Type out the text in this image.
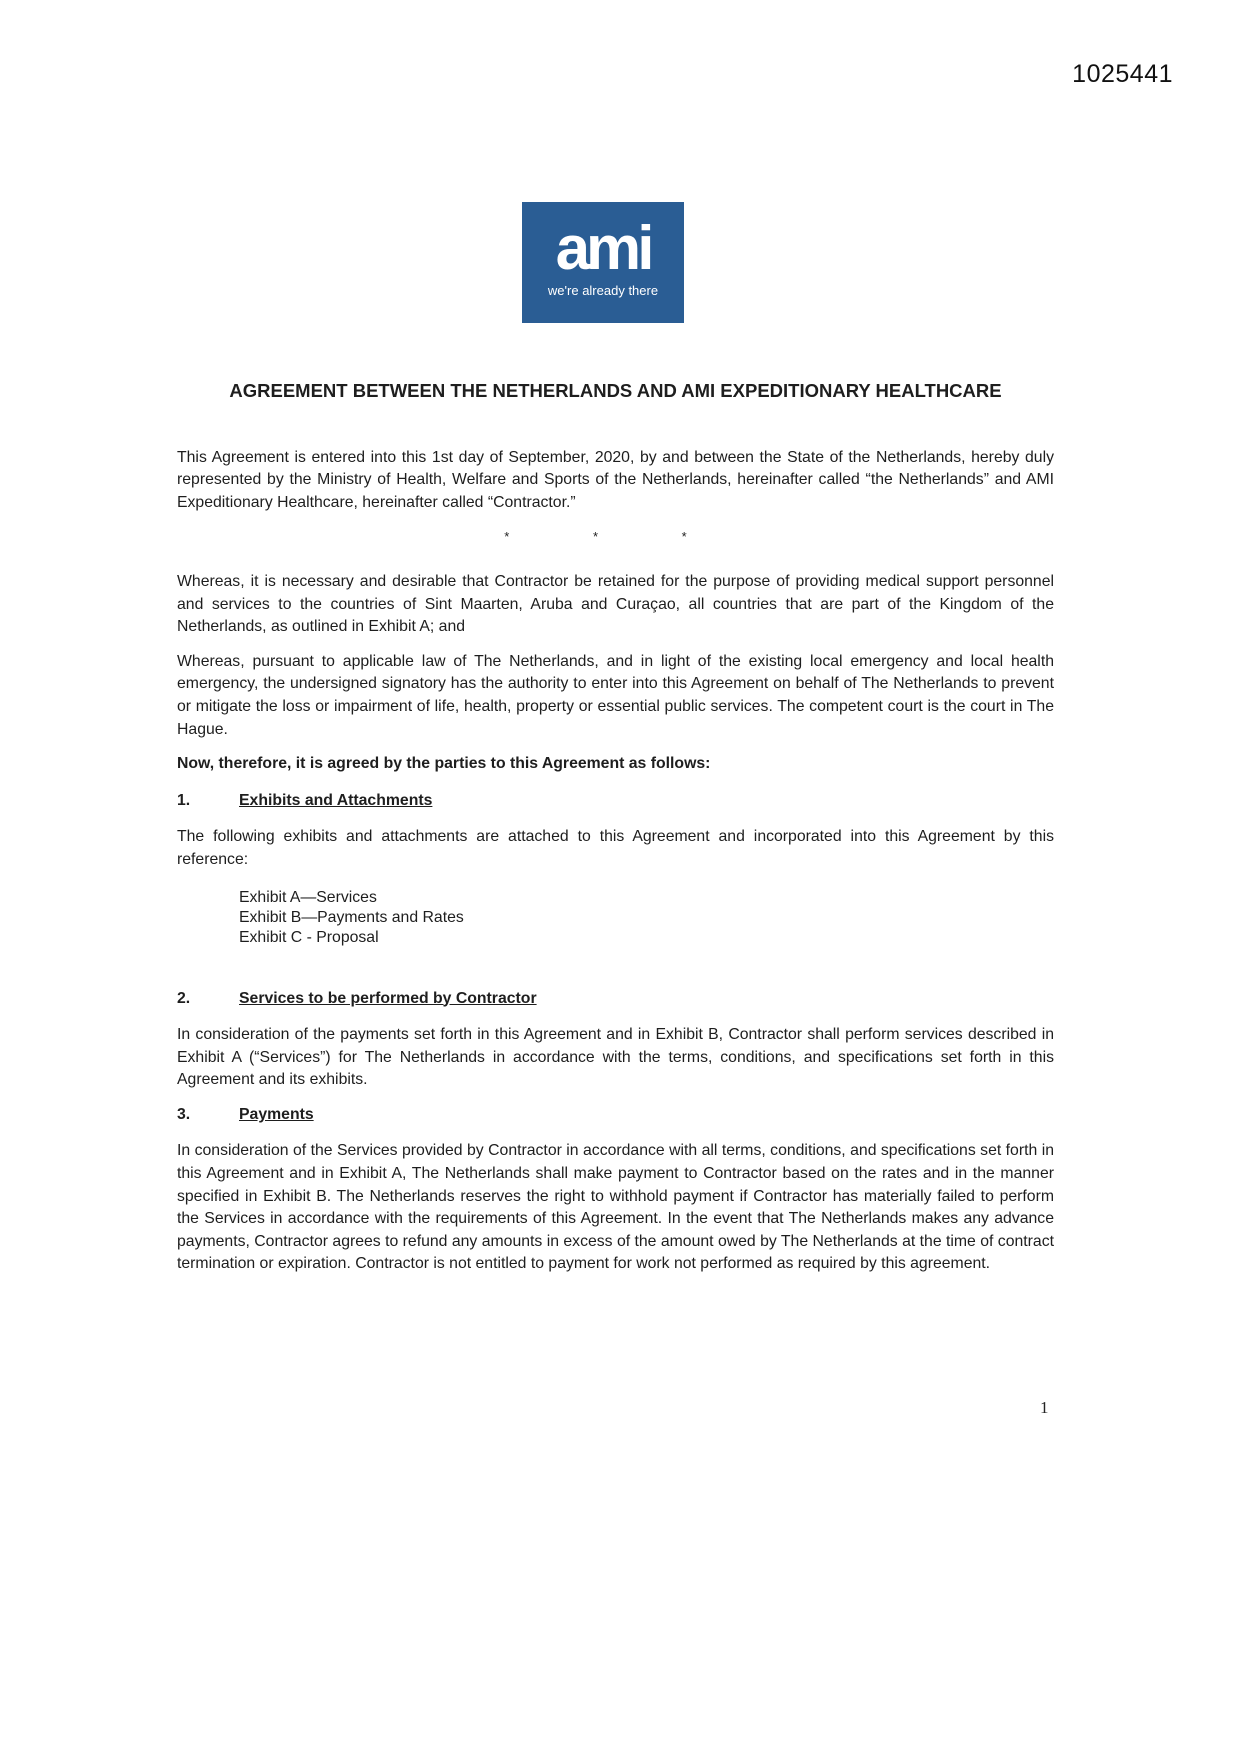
1025441
ami
we're already there
AGREEMENT BETWEEN THE NETHERLANDS AND AMI EXPEDITIONARY HEALTHCARE

This Agreement is entered into this 1st day of September, 2020, by and between the State of the Netherlands, hereby duly represented by the Ministry of Health, Welfare and Sports of the Netherlands, hereinafter called “the Netherlands” and AMI Expeditionary Healthcare, hereinafter called “Contractor.”

* * *

Whereas, it is necessary and desirable that Contractor be retained for the purpose of providing medical support personnel and services to the countries of Sint Maarten, Aruba and Curaçao, all countries that are part of the Kingdom of the Netherlands, as outlined in Exhibit A; and

Whereas, pursuant to applicable law of The Netherlands, and in light of the existing local emergency and local health emergency, the undersigned signatory has the authority to enter into this Agreement on behalf of The Netherlands to prevent or mitigate the loss or impairment of life, health, property or essential public services. The competent court is the court in The Hague.

Now, therefore, it is agreed by the parties to this Agreement as follows:

1.	Exhibits and Attachments

The following exhibits and attachments are attached to this Agreement and incorporated into this Agreement by this reference:

Exhibit A—Services
Exhibit B—Payments and Rates
Exhibit C - Proposal
2.	Services to be performed by Contractor

In consideration of the payments set forth in this Agreement and in Exhibit B, Contractor shall perform services described in Exhibit A (“Services”) for The Netherlands in accordance with the terms, conditions, and specifications set forth in this Agreement and its exhibits.

3.	Payments

In consideration of the Services provided by Contractor in accordance with all terms, conditions, and specifications set forth in this Agreement and in Exhibit A, The Netherlands shall make payment to Contractor based on the rates and in the manner specified in Exhibit B. The Netherlands reserves the right to withhold payment if Contractor has materially failed to perform the Services in accordance with the requirements of this Agreement. In the event that The Netherlands makes any advance payments, Contractor agrees to refund any amounts in excess of the amount owed by The Netherlands at the time of contract termination or expiration. Contractor is not entitled to payment for work not performed as required by this agreement.

1
